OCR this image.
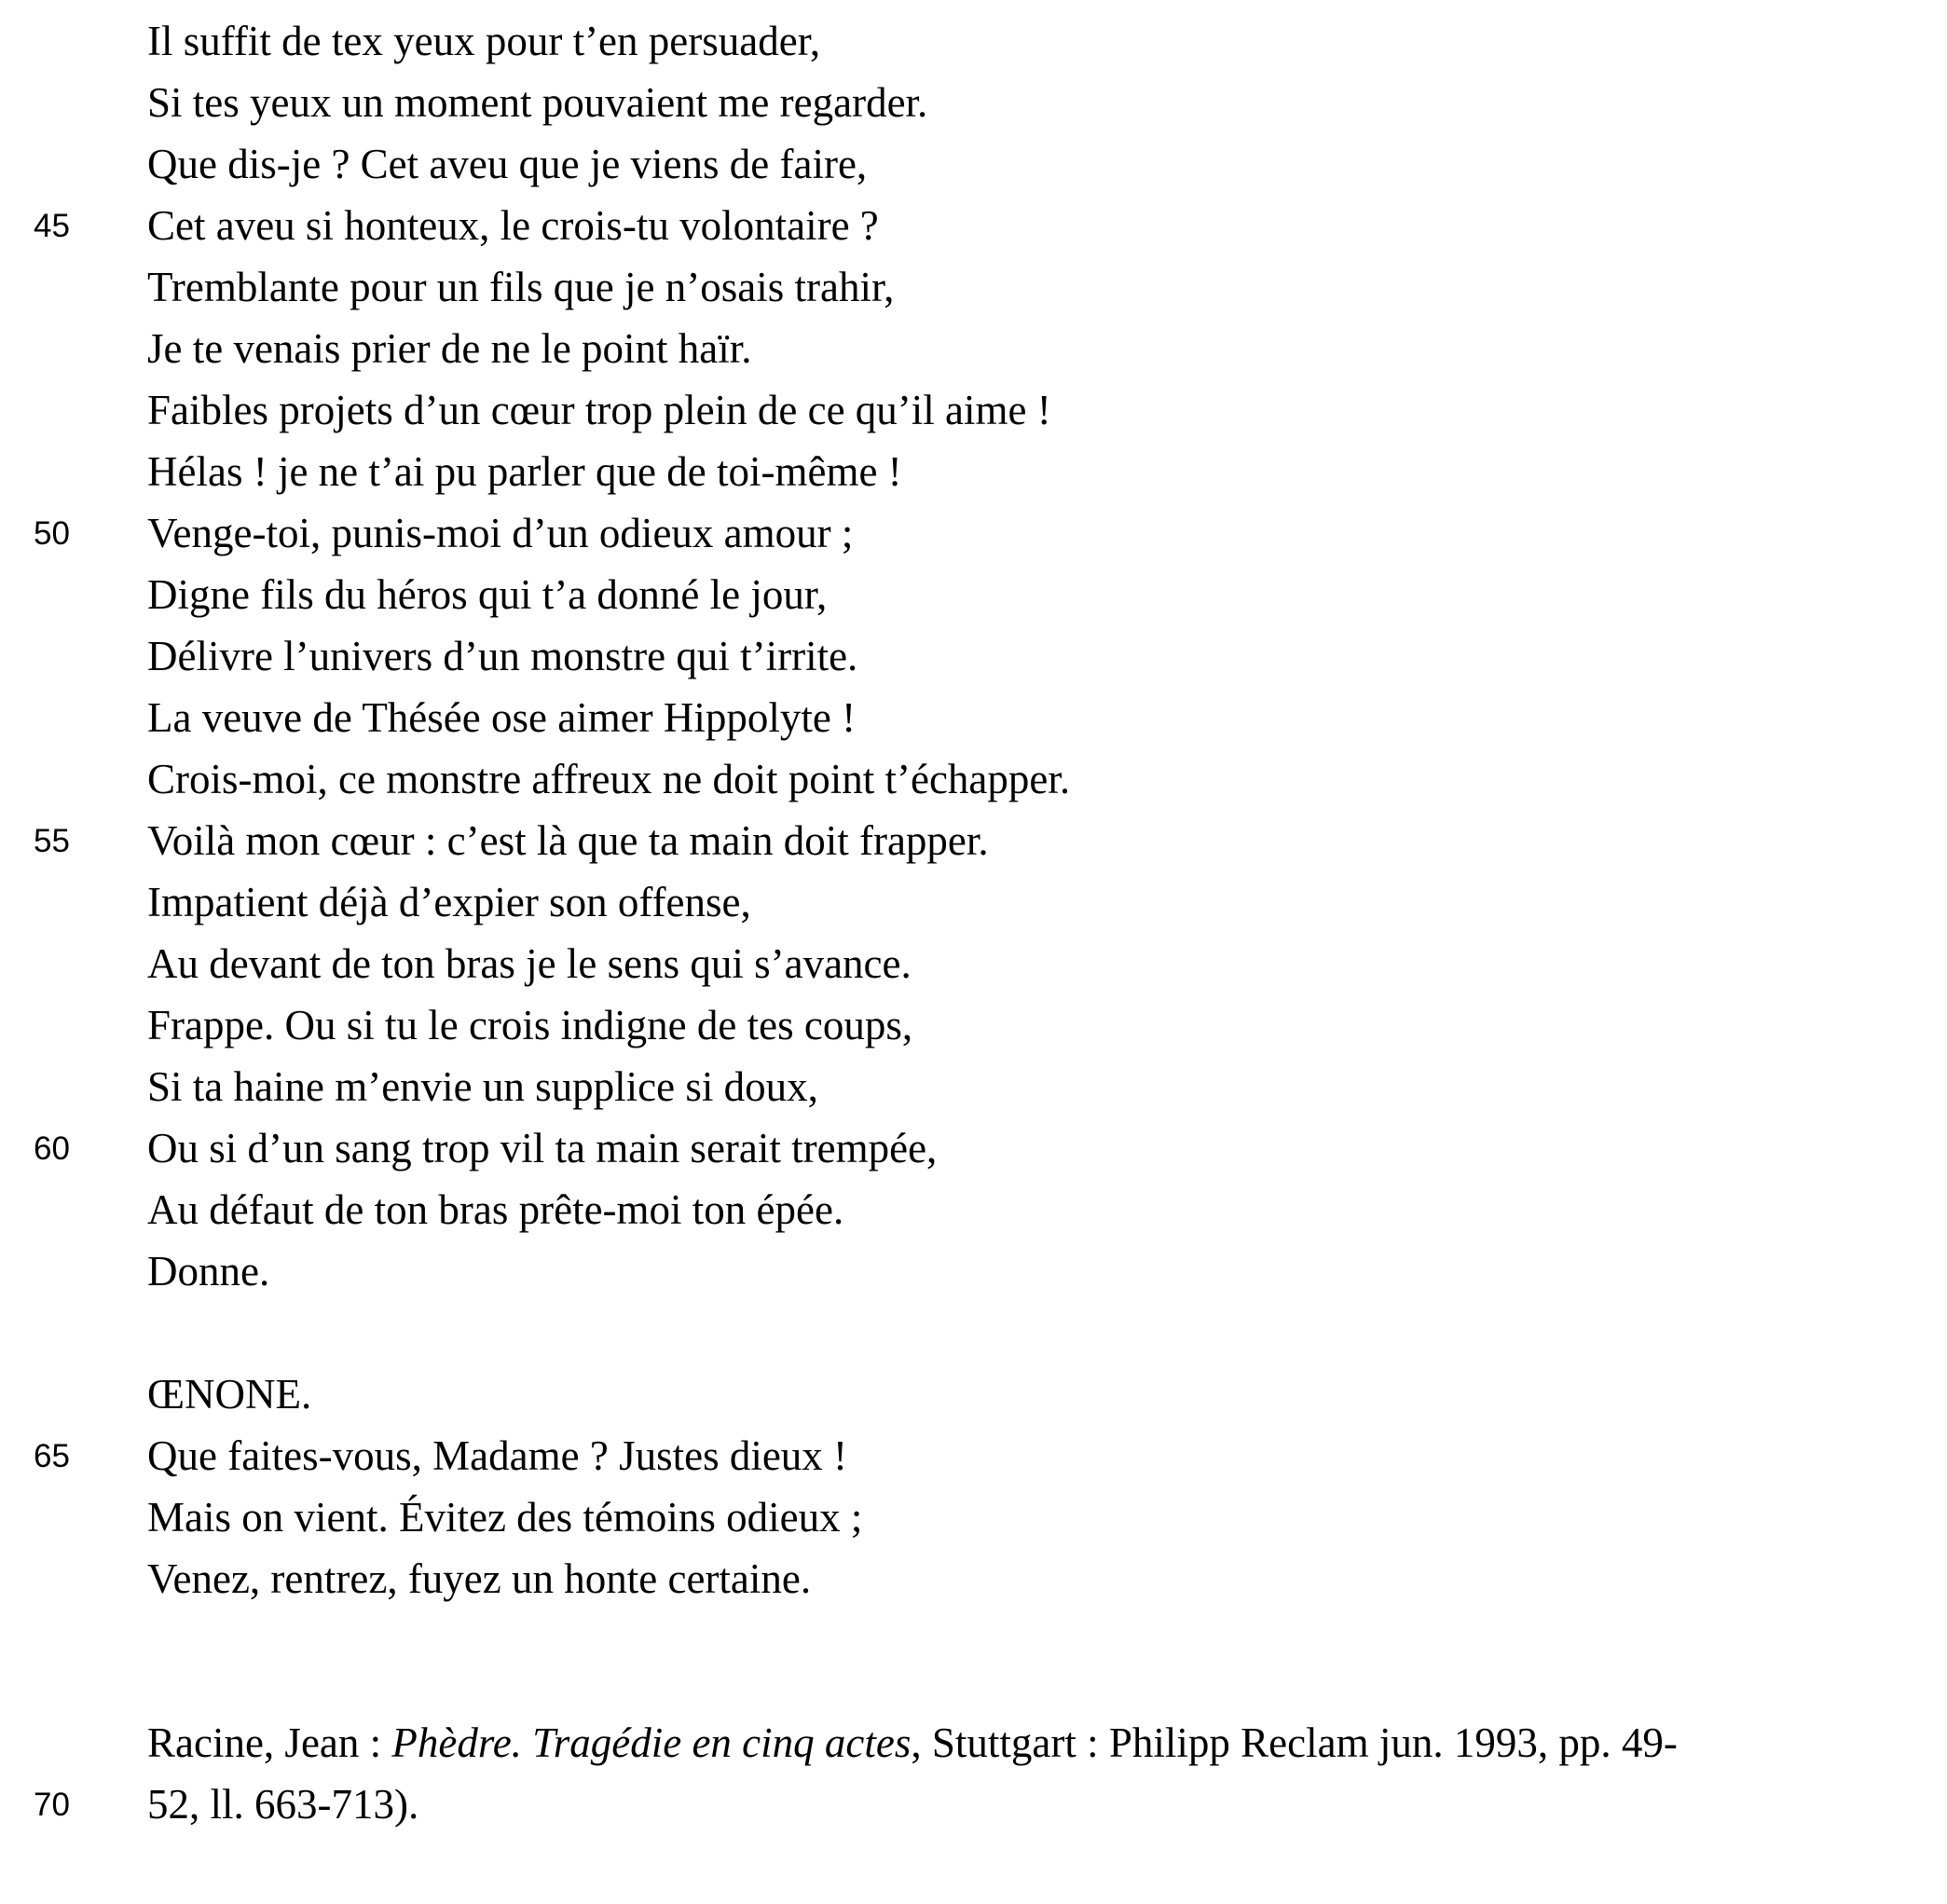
Il suffit de tex yeux pour t’en persuader,
Si tes yeux un moment pouvaient me regarder.
Que dis-je ? Cet aveu que je viens de faire,
45 Cet aveu si honteux, le crois-tu volontaire ?
Tremblante pour un fils que je n’osais trahir,
Je te venais prier de ne le point haïr.
Faibles projets d’un cœur trop plein de ce qu’il aime !
Hélas ! je ne t’ai pu parler que de toi-même !
50 Venge-toi, punis-moi d’un odieux amour ;
Digne fils du héros qui t’a donné le jour,
Délivre l’univers d’un monstre qui t’irrite.
La veuve de Thésée ose aimer Hippolyte !
Crois-moi, ce monstre affreux ne doit point t’échapper.
55 Voilà mon cœur : c’est là que ta main doit frapper.
Impatient déjà d’expier son offense,
Au devant de ton bras je le sens qui s’avance.
Frappe. Ou si tu le crois indigne de tes coups,
Si ta haine m’envie un supplice si doux,
60 Ou si d’un sang trop vil ta main serait trempée,
Au défaut de ton bras prête-moi ton épée.
Donne.
ŒNONE.
65 Que faites-vous, Madame ? Justes dieux !
Mais on vient. Évitez des témoins odieux ;
Venez, rentrez, fuyez un honte certaine.
Racine, Jean : Phèdre. Tragédie en cinq actes, Stuttgart : Philipp Reclam jun. 1993, pp. 49-
70 52, ll. 663-713).
